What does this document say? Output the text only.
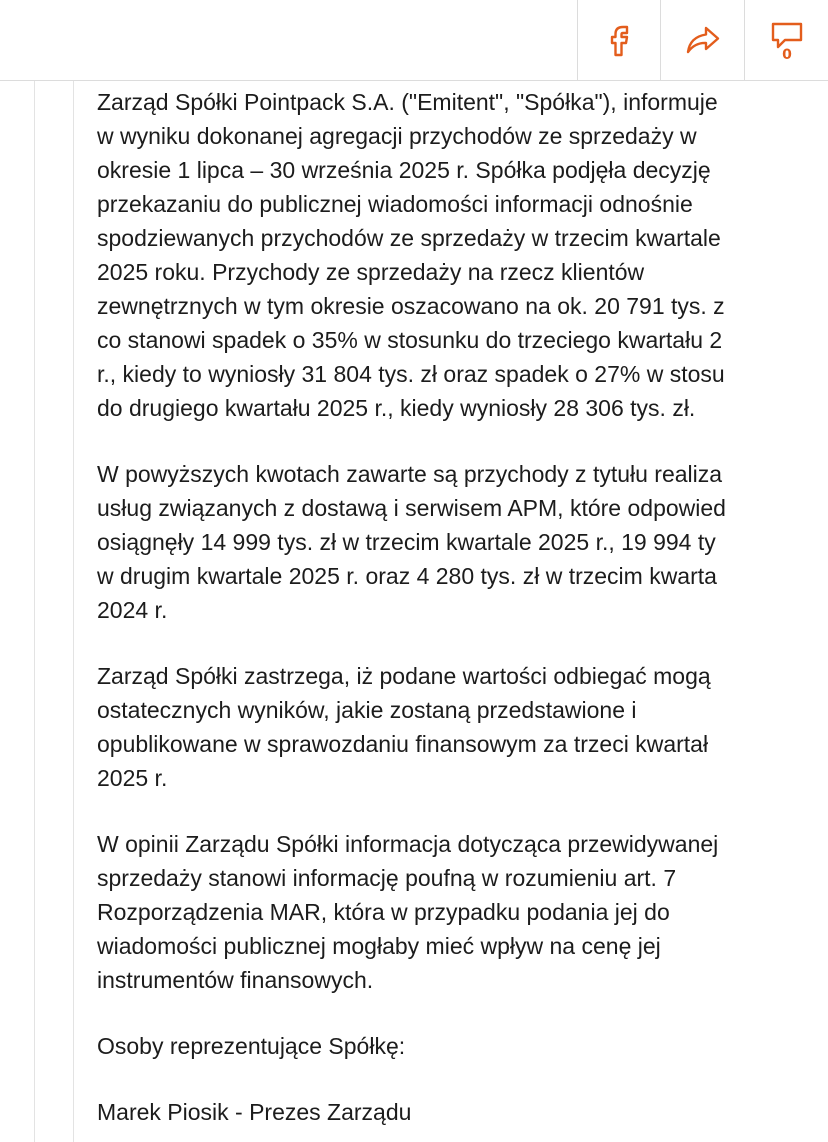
0

Zarząd Spółki Pointpack S.A. ("Emitent", "Spółka"), informuje
w wyniku dokonanej agregacji przychodów ze sprzedaży w
okresie 1 lipca – 30 września 2025 r. Spółka podjęła decyzję
przekazaniu do publicznej wiadomości informacji odnośnie
spodziewanych przychodów ze sprzedaży w trzecim kwartale
2025 roku. Przychody ze sprzedaży na rzecz klientów
zewnętrznych w tym okresie oszacowano na ok. 20 791 tys. z
co stanowi spadek o 35% w stosunku do trzeciego kwartału 2
r., kiedy to wyniosły 31 804 tys. zł oraz spadek o 27% w stosu
do drugiego kwartału 2025 r., kiedy wyniosły 28 306 tys. zł.

W powyższych kwotach zawarte są przychody z tytułu realiza
usług związanych z dostawą i serwisem APM, które odpowied
osiągnęły 14 999 tys. zł w trzecim kwartale 2025 r., 19 994 ty
w drugim kwartale 2025 r. oraz 4 280 tys. zł w trzecim kwarta
2024 r.

Zarząd Spółki zastrzega, iż podane wartości odbiegać mogą
ostatecznych wyników, jakie zostaną przedstawione i
opublikowane w sprawozdaniu finansowym za trzeci kwartał
2025 r.

W opinii Zarządu Spółki informacja dotycząca przewidywanej
sprzedaży stanowi informację poufną w rozumieniu art. 7
Rozporządzenia MAR, która w przypadku podania jej do
wiadomości publicznej mogłaby mieć wpływ na cenę jej
instrumentów finansowych.

Osoby reprezentujące Spółkę:

Marek Piosik - Prezes Zarządu
